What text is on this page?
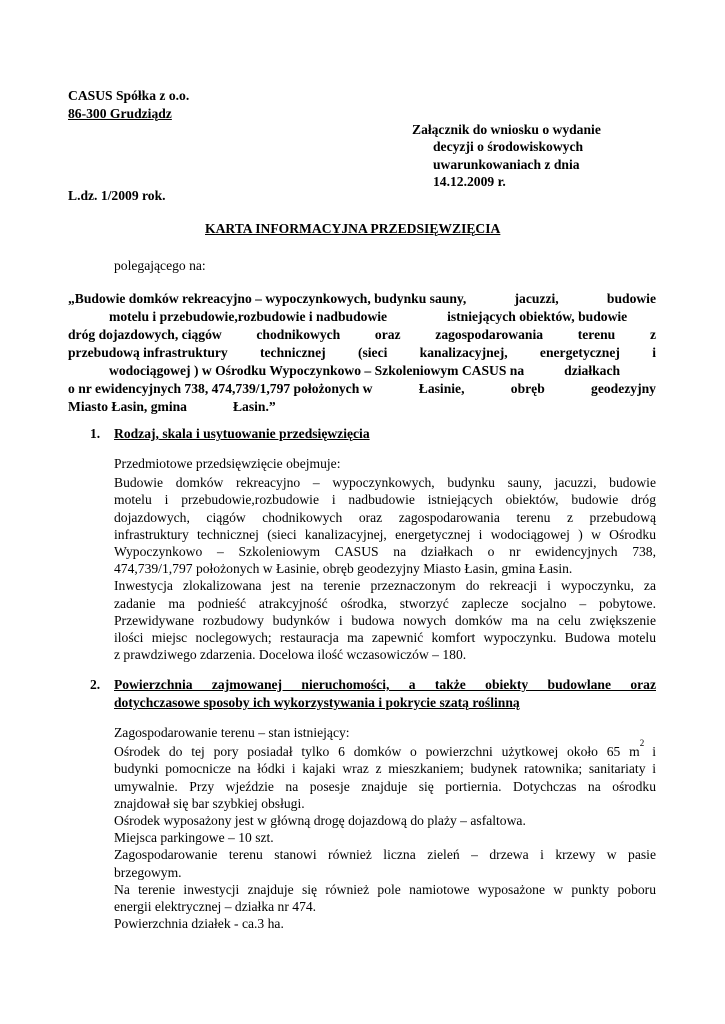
CASUS Spółka z o.o.
86-300 Grudziądz
Załącznik do wniosku o wydanie
decyzji o środowiskowych
uwarunkowaniach z dnia
14.12.2009 r.
L.dz. 1/2009 rok.
KARTA INFORMACYJNA PRZEDSIĘWZIĘCIA
polegającego na:
„Budowie domków rekreacyjno – wypoczynkowych, budynku sauny,	jacuzzi,	budowie
motelu i przebudowie,rozbudowie i nadbudowie	istniejących obiektów, budowie
dróg dojazdowych, ciągów	chodnikowych	oraz	zagospodarowania	terenu	z
przebudową infrastruktury technicznej (sieci kanalizacyjnej, energetycznej i
wodociągowej ) w Ośrodku Wypoczynkowo – Szkoleniowym CASUS na	działkach
o nr ewidencyjnych 738, 474,739/1,797 położonych w	Łasinie,	obręb	geodezyjny
Miasto Łasin, gmina	Łasin.”
1. Rodzaj, skala i usytuowanie przedsięwzięcia
Przedmiotowe przedsięwzięcie obejmuje:
Budowie domków rekreacyjno – wypoczynkowych, budynku sauny, jacuzzi, budowie
motelu i przebudowie,rozbudowie i nadbudowie istniejących obiektów, budowie dróg
dojazdowych, ciągów chodnikowych oraz zagospodarowania terenu z przebudową
infrastruktury technicznej (sieci kanalizacyjnej, energetycznej i wodociągowej ) w Ośrodku
Wypoczynkowo – Szkoleniowym CASUS na działkach o nr ewidencyjnych 738,
474,739/1,797 położonych w Łasinie, obręb geodezyjny Miasto Łasin, gmina Łasin.
Inwestycja zlokalizowana jest na terenie przeznaczonym do rekreacji i wypoczynku, za
zadanie ma podnieść atrakcyjność ośrodka, stworzyć zaplecze socjalno – pobytowe.
Przewidywane rozbudowy budynków i budowa nowych domków ma na celu zwiększenie
ilości miejsc noclegowych; restauracja ma zapewnić komfort wypoczynku. Budowa motelu
z prawdziwego zdarzenia. Docelowa ilość wczasowiczów – 180.
2.	Powierzchnia zajmowanej nieruchomości, a także obiekty budowlane oraz
dotychczasowe sposoby ich wykorzystywania i pokrycie szatą roślinną
Zagospodarowanie terenu – stan istniejący:
Ośrodek do tej pory posiadał tylko 6 domków o powierzchni użytkowej około 65 m
2
i
budynki pomocnicze na łódki i kajaki wraz z mieszkaniem; budynek ratownika; sanitariaty i
umywalnie. Przy wjeździe na posesje znajduje się portiernia. Dotychczas na ośrodku
znajdował się bar szybkiej obsługi.
Ośrodek wyposażony jest w główną drogę dojazdową do plaży – asfaltowa.
Miejsca parkingowe – 10 szt.
Zagospodarowanie terenu stanowi również liczna zieleń – drzewa i krzewy w pasie
brzegowym.
Na terenie inwestycji znajduje się również pole namiotowe wyposażone w punkty poboru
energii elektrycznej – działka nr 474.
Powierzchnia działek - ca.3 ha.
